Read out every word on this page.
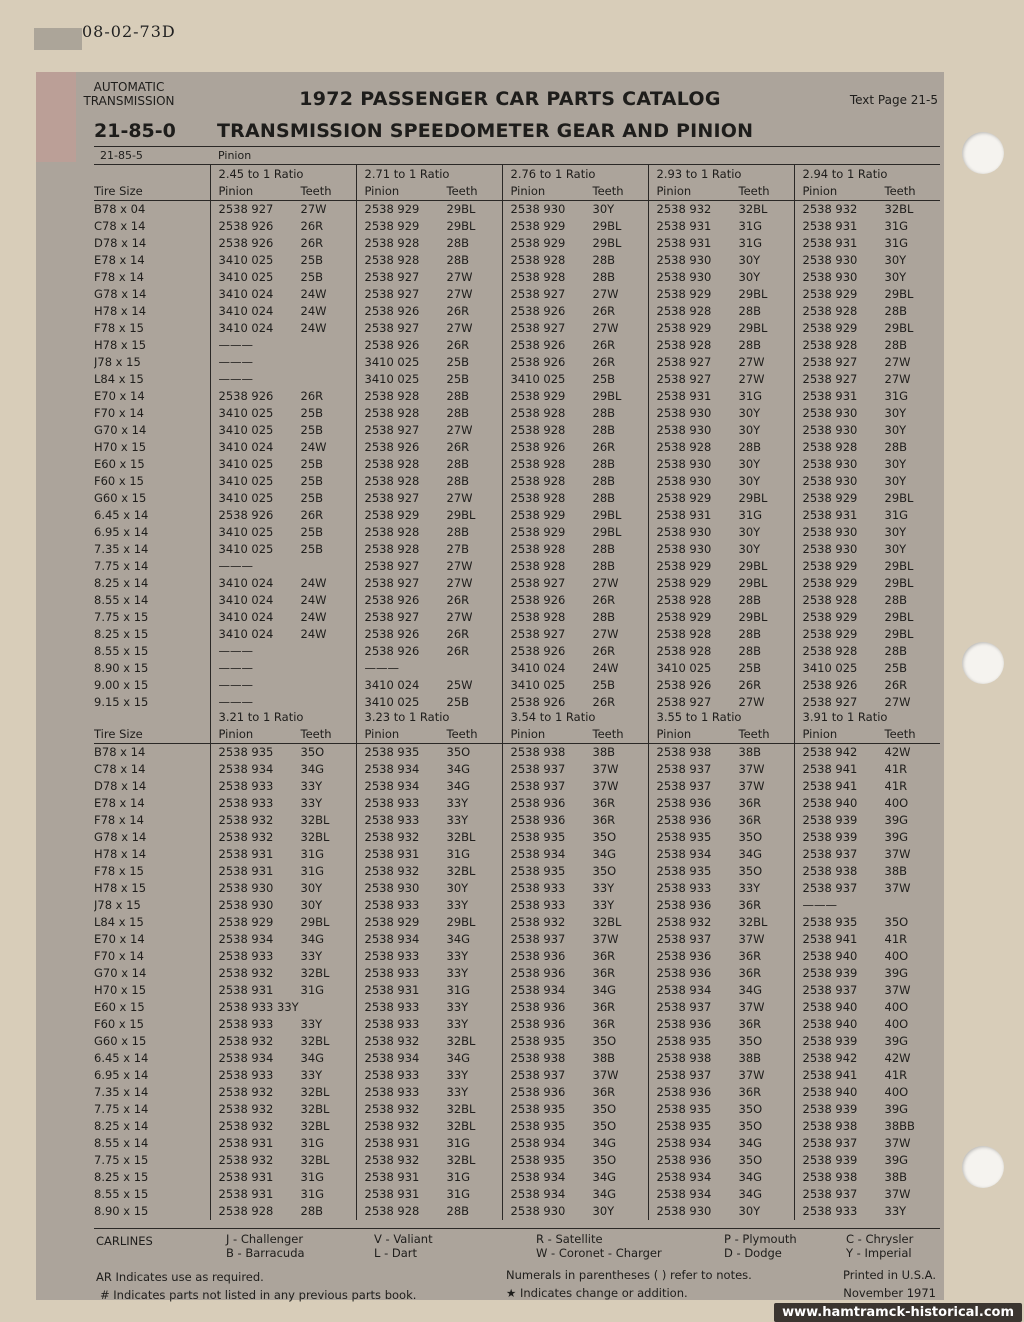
08-02-73D
AUTOMATIC TRANSMISSION	1972 PASSENGER CAR PARTS CATALOG	Text Page 21-5
21-85-0 TRANSMISSION SPEEDOMETER GEAR AND PINION
21-85-5	Pinion
	2.45 to 1 Ratio	2.71 to 1 Ratio	2.76 to 1 Ratio	2.93 to 1 Ratio	2.94 to 1 Ratio
Tire Size	Pinion Teeth	Pinion Teeth	Pinion Teeth	Pinion Teeth	Pinion Teeth
B78 x 04	2538 927 27W	2538 929 29BL	2538 930 30Y	2538 932 32BL	2538 932 32BL
C78 x 14	2538 926 26R	2538 929 29BL	2538 929 29BL	2538 931 31G	2538 931 31G
D78 x 14	2538 926 26R	2538 928 28B	2538 929 29BL	2538 931 31G	2538 931 31G
E78 x 14	3410 025 25B	2538 928 28B	2538 928 28B	2538 930 30Y	2538 930 30Y
F78 x 14	3410 025 25B	2538 927 27W	2538 928 28B	2538 930 30Y	2538 930 30Y
G78 x 14	3410 024 24W	2538 927 27W	2538 927 27W	2538 929 29BL	2538 929 29BL
H78 x 14	3410 024 24W	2538 926 26R	2538 926 26R	2538 928 28B	2538 928 28B
F78 x 15	3410 024 24W	2538 927 27W	2538 927 27W	2538 929 29BL	2538 929 29BL
H78 x 15	———	2538 926 26R	2538 926 26R	2538 928 28B	2538 928 28B
J78 x 15	———	3410 025 25B	2538 926 26R	2538 927 27W	2538 927 27W
L84 x 15	———	3410 025 25B	3410 025 25B	2538 927 27W	2538 927 27W
E70 x 14	2538 926 26R	2538 928 28B	2538 929 29BL	2538 931 31G	2538 931 31G
F70 x 14	3410 025 25B	2538 928 28B	2538 928 28B	2538 930 30Y	2538 930 30Y
G70 x 14	3410 025 25B	2538 927 27W	2538 928 28B	2538 930 30Y	2538 930 30Y
H70 x 15	3410 024 24W	2538 926 26R	2538 926 26R	2538 928 28B	2538 928 28B
E60 x 15	3410 025 25B	2538 928 28B	2538 928 28B	2538 930 30Y	2538 930 30Y
F60 x 15	3410 025 25B	2538 928 28B	2538 928 28B	2538 930 30Y	2538 930 30Y
G60 x 15	3410 025 25B	2538 927 27W	2538 928 28B	2538 929 29BL	2538 929 29BL
6.45 x 14	2538 926 26R	2538 929 29BL	2538 929 29BL	2538 931 31G	2538 931 31G
6.95 x 14	3410 025 25B	2538 928 28B	2538 929 29BL	2538 930 30Y	2538 930 30Y
7.35 x 14	3410 025 25B	2538 928 27B	2538 928 28B	2538 930 30Y	2538 930 30Y
7.75 x 14	———	2538 927 27W	2538 928 28B	2538 929 29BL	2538 929 29BL
8.25 x 14	3410 024 24W	2538 927 27W	2538 927 27W	2538 929 29BL	2538 929 29BL
8.55 x 14	3410 024 24W	2538 926 26R	2538 926 26R	2538 928 28B	2538 928 28B
7.75 x 15	3410 024 24W	2538 927 27W	2538 928 28B	2538 929 29BL	2538 929 29BL
8.25 x 15	3410 024 24W	2538 926 26R	2538 927 27W	2538 928 28B	2538 929 29BL
8.55 x 15	———	2538 926 26R	2538 926 26R	2538 928 28B	2538 928 28B
8.90 x 15	———	———	3410 024 24W	3410 025 25B	3410 025 25B
9.00 x 15	———	3410 024 25W	3410 025 25B	2538 926 26R	2538 926 26R
9.15 x 15	———	3410 025 25B	2538 926 26R	2538 927 27W	2538 927 27W
	3.21 to 1 Ratio	3.23 to 1 Ratio	3.54 to 1 Ratio	3.55 to 1 Ratio	3.91 to 1 Ratio
Tire Size	Pinion Teeth	Pinion Teeth	Pinion Teeth	Pinion Teeth	Pinion Teeth
B78 x 14	2538 935 35O	2538 935 35O	2538 938 38B	2538 938 38B	2538 942 42W
C78 x 14	2538 934 34G	2538 934 34G	2538 937 37W	2538 937 37W	2538 941 41R
D78 x 14	2538 933 33Y	2538 934 34G	2538 937 37W	2538 937 37W	2538 941 41R
E78 x 14	2538 933 33Y	2538 933 33Y	2538 936 36R	2538 936 36R	2538 940 40O
F78 x 14	2538 932 32BL	2538 933 33Y	2538 936 36R	2538 936 36R	2538 939 39G
G78 x 14	2538 932 32BL	2538 932 32BL	2538 935 35O	2538 935 35O	2538 939 39G
H78 x 14	2538 931 31G	2538 931 31G	2538 934 34G	2538 934 34G	2538 937 37W
F78 x 15	2538 931 31G	2538 932 32BL	2538 935 35O	2538 935 35O	2538 938 38B
H78 x 15	2538 930 30Y	2538 930 30Y	2538 933 33Y	2538 933 33Y	2538 937 37W
J78 x 15	2538 930 30Y	2538 933 33Y	2538 933 33Y	2538 936 36R	———
L84 x 15	2538 929 29BL	2538 929 29BL	2538 932 32BL	2538 932 32BL	2538 935 35O
E70 x 14	2538 934 34G	2538 934 34G	2538 937 37W	2538 937 37W	2538 941 41R
F70 x 14	2538 933 33Y	2538 933 33Y	2538 936 36R	2538 936 36R	2538 940 40O
G70 x 14	2538 932 32BL	2538 933 33Y	2538 936 36R	2538 936 36R	2538 939 39G
H70 x 15	2538 931 31G	2538 931 31G	2538 934 34G	2538 934 34G	2538 937 37W
E60 x 15	2538 933 33Y	2538 933 33Y	2538 936 36R	2538 937 37W	2538 940 40O
F60 x 15	2538 933 33Y	2538 933 33Y	2538 936 36R	2538 936 36R	2538 940 40O
G60 x 15	2538 932 32BL	2538 932 32BL	2538 935 35O	2538 935 35O	2538 939 39G
6.45 x 14	2538 934 34G	2538 934 34G	2538 938 38B	2538 938 38B	2538 942 42W
6.95 x 14	2538 933 33Y	2538 933 33Y	2538 937 37W	2538 937 37W	2538 941 41R
7.35 x 14	2538 932 32BL	2538 933 33Y	2538 936 36R	2538 936 36R	2538 940 40O
7.75 x 14	2538 932 32BL	2538 932 32BL	2538 935 35O	2538 935 35O	2538 939 39G
8.25 x 14	2538 932 32BL	2538 932 32BL	2538 935 35O	2538 935 35O	2538 938 38BB
8.55 x 14	2538 931 31G	2538 931 31G	2538 934 34G	2538 934 34G	2538 937 37W
7.75 x 15	2538 932 32BL	2538 932 32BL	2538 935 35O	2538 936 35O	2538 939 39G
8.25 x 15	2538 931 31G	2538 931 31G	2538 934 34G	2538 934 34G	2538 938 38B
8.55 x 15	2538 931 31G	2538 931 31G	2538 934 34G	2538 934 34G	2538 937 37W
8.90 x 15	2538 928 28B	2538 928 28B	2538 930 30Y	2538 930 30Y	2538 933 33Y
CARLINES	J - Challenger
B - Barracuda
V - Valiant
L - Dart
R - Satellite
W - Coronet - Charger
P - Plymouth
D - Dodge
C - Chrysler
Y - Imperial
AR Indicates use as required.
# Indicates parts not listed in any previous parts book.
Numerals in parentheses ( ) refer to notes.
★ Indicates change or addition.
Printed in U.S.A.
November 1971
www.hamtramck-historical.com
